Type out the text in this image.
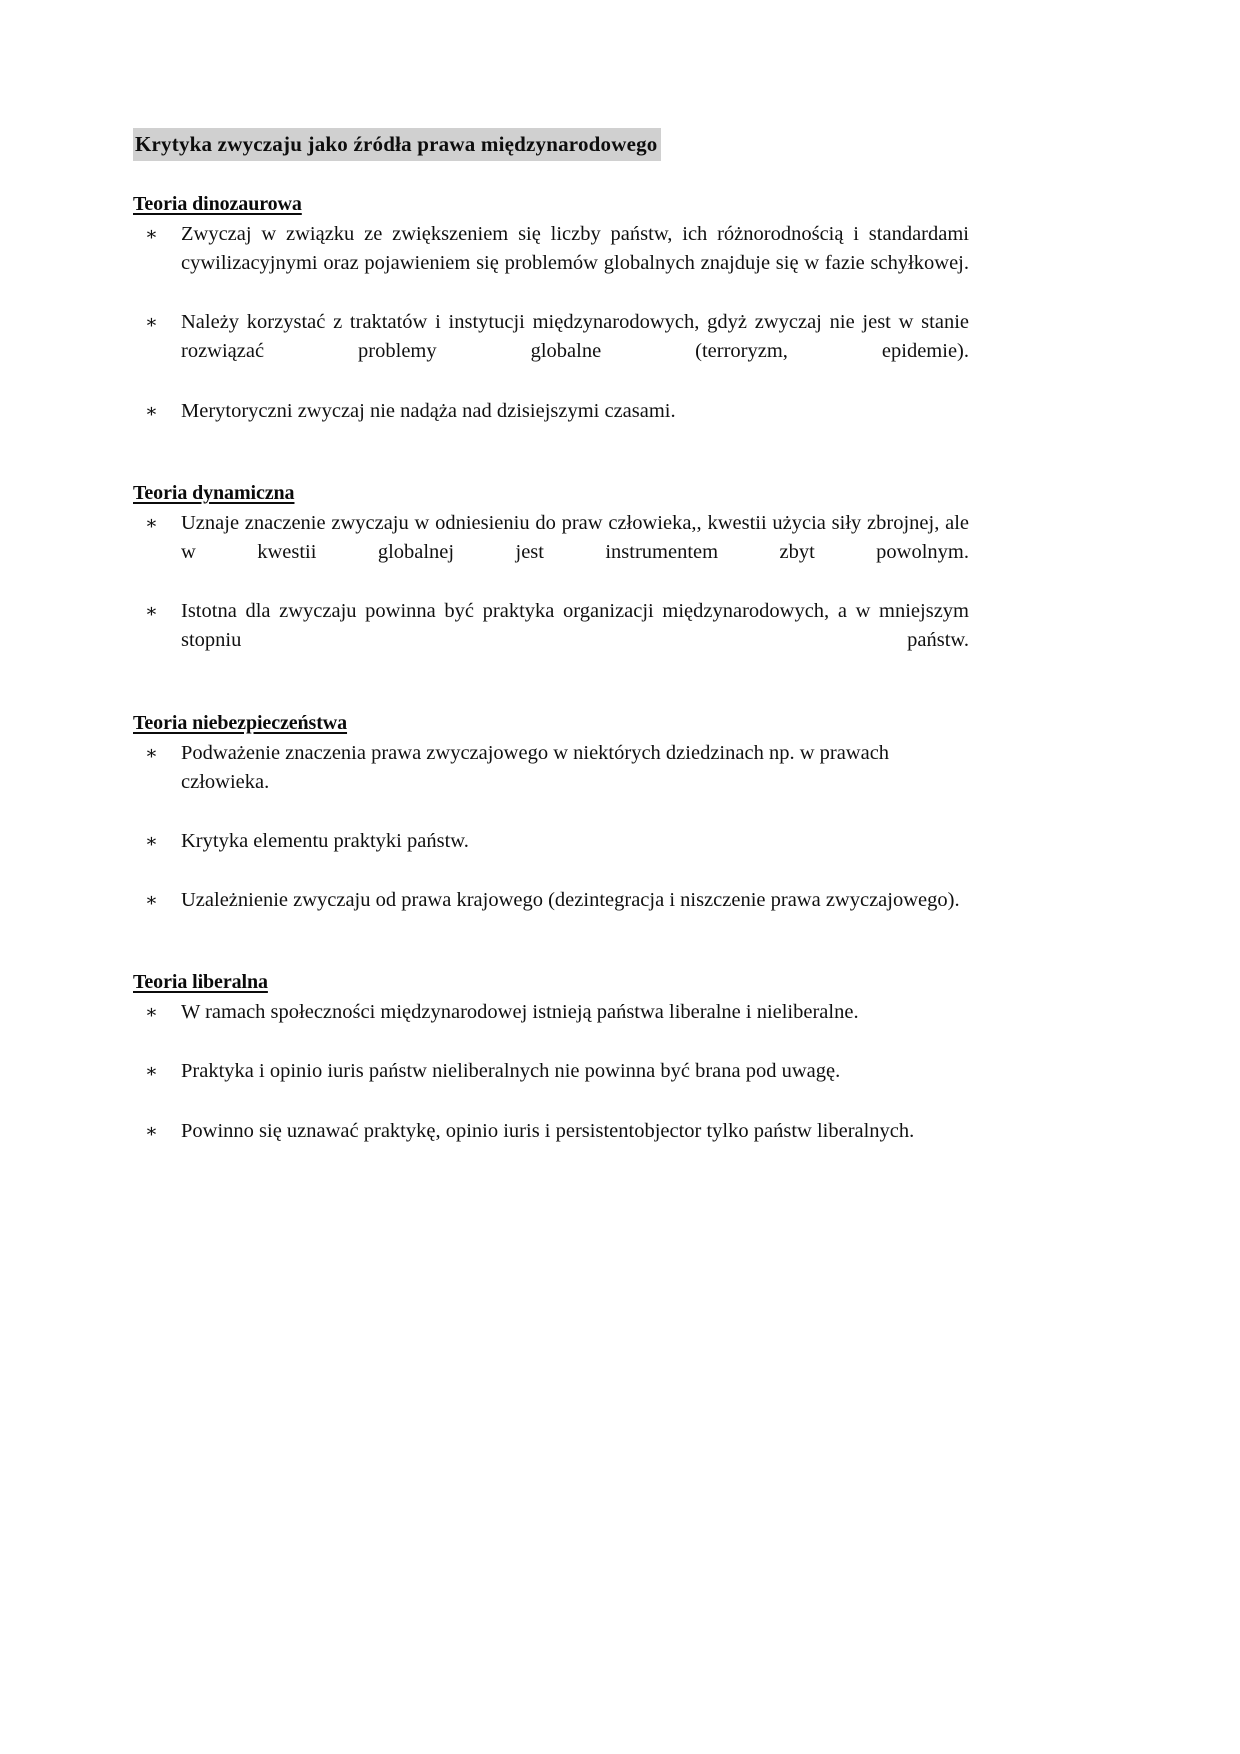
Krytyka zwyczaju jako źródła prawa międzynarodowego
Teoria dinozaurowa
∗ Zwyczaj w związku ze zwiększeniem się liczby państw, ich różnorodnością i standardami cywilizacyjnymi oraz pojawieniem się problemów globalnych znajduje się w fazie schyłkowej.
∗ Należy korzystać z traktatów i instytucji międzynarodowych, gdyż zwyczaj nie jest w stanie rozwiązać problemy globalne (terroryzm, epidemie).
∗ Merytoryczni zwyczaj nie nadąża nad dzisiejszymi czasami.
Teoria dynamiczna
∗ Uznaje znaczenie zwyczaju w odniesieniu do praw człowieka,, kwestii użycia siły zbrojnej, ale w kwestii globalnej jest instrumentem zbyt powolnym.
∗ Istotna dla zwyczaju powinna być praktyka organizacji międzynarodowych, a w mniejszym stopniu państw.
Teoria niebezpieczeństwa
∗ Podważenie znaczenia prawa zwyczajowego w niektórych dziedzinach np. w prawach człowieka.
∗ Krytyka elementu praktyki państw.
∗ Uzależnienie zwyczaju od prawa krajowego (dezintegracja i niszczenie prawa zwyczajowego).
Teoria liberalna
∗ W ramach społeczności międzynarodowej istnieją państwa liberalne i nieliberalne.
∗ Praktyka i opinio iuris państw nieliberalnych nie powinna być brana pod uwagę.
∗ Powinno się uznawać praktykę, opinio iuris i persistentobjector tylko państw liberalnych.
